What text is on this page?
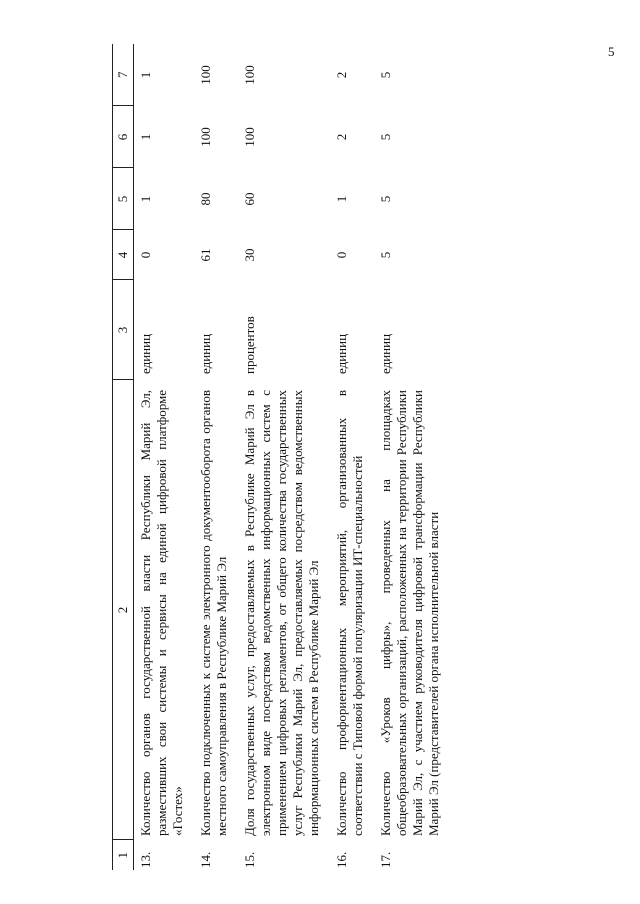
5
1	2	3	4	5	6	7
13.	Количество органов государственной власти Республики Марий Эл, разместивших свои системы и сервисы на единой цифровой платформе «Гостех»	единиц	0	1	1	1
14.	Количество подключенных к системе электронного документооборота органов местного самоуправления в Республике Марий Эл	единиц	61	80	100	100
15.	Доля государственных услуг, предоставляемых в Республике Марий Эл в электронном виде посредством ведомственных информационных систем с применением цифровых регламентов, от общего количества государственных услуг Республики Марий Эл, предоставляемых посредством ведомственных информационных систем в Республике Марий Эл	процентов	30	60	100	100
16.	Количество профориентационных мероприятий, организованных в соответствии с Типовой формой популяризации ИТ-специальностей	единиц	0	1	2	2
17.	Количество «Уроков цифры», проведенных на площадках общеобразовательных организаций, расположенных на территории Республики Марий Эл, с участием руководителя цифровой трансформации Республики Марий Эл (представителей органа исполнительной власти	единиц	5	5	5	5
